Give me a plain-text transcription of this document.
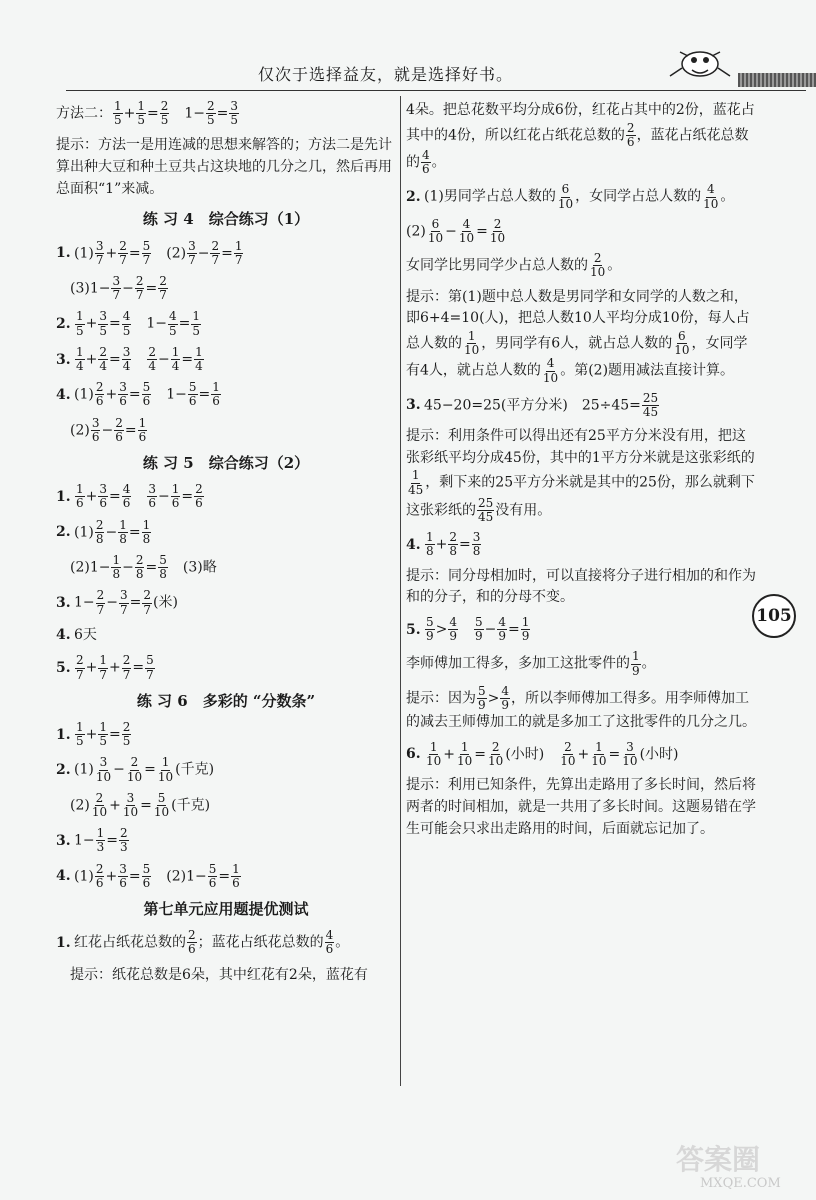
仅次于选择益友，就是选择好书。
方法二： $\frac{1}{5} + \frac{1}{5} = \frac{2}{5}$ 　$1- \frac{2}{5} = \frac{3}{5}$
提示：方法一是用连减的思想来解答的；方法二是先计算出种大豆和种土豆共占这块地的几分之几，然后再用总面积“1”来减。
练 习 4　综合练习（1）
1. $(1) \frac{3}{7} + \frac{2}{7} = \frac{5}{7}$ 　$(2) \frac{3}{7} - \frac{2}{7} = \frac{1}{7}$
　$(3)1- \frac{3}{7} - \frac{2}{7} = \frac{2}{7}$
2. $\frac{1}{5} + \frac{3}{5} = \frac{4}{5}$ 　$1- \frac{4}{5} = \frac{1}{5}$
3. $\frac{1}{4} + \frac{2}{4} = \frac{3}{4}$
　 $\frac{2}{4} - \frac{1}{4} = \frac{1}{4}$
4. $(1) \frac{2}{6} + \frac{3}{6} = \frac{5}{6}$ 　$1- \frac{5}{6} = \frac{1}{6}$
　$(2) \frac{3}{6} - \frac{2}{6} = \frac{1}{6}$
练 习 5　综合练习（2）
1. $\frac{1}{6} + \frac{3}{6} = \frac{4}{6}$
　 $\frac{3}{6} - \frac{1}{6} = \frac{2}{6}$
2. $(1) \frac{2}{8} - \frac{1}{8} = \frac{1}{8}$
　$(2)1- \frac{1}{8} - \frac{2}{8} = \frac{5}{8}$ 　(3)略
3. $1- \frac{2}{7} - \frac{3}{7} = \frac{2}{7}$ (米)
4. 6天
5. $\frac{2}{7} + \frac{1}{7} + \frac{2}{7} = \frac{5}{7}$
练 习 6　多彩的 “分数条”
1. $\frac{1}{5} + \frac{1}{5} = \frac{2}{5}$
2. $(1) \frac{3}{10} - \frac{2}{10} = \frac{1}{10}$ (千克)
　$(2) \frac{2}{10} + \frac{3}{10} = \frac{5}{10}$ (千克)
3. $1- \frac{1}{3} = \frac{2}{3}$
4. $(1) \frac{2}{6} + \frac{3}{6} = \frac{5}{6}$ 　$(2)1- \frac{5}{6} = \frac{1}{6}$
第七单元应用题提优测试
1. 红花占纸花总数的 $\frac{2}{6}$ ；蓝花占纸花总数的 $\frac{4}{6}$ 。
　提示：纸花总数是6朵，其中红花有2朵，蓝花有
4朵。把总花数平均分成6份，红花占其中的2份，蓝花占其中的4份，所以红花占纸花总数的 $\frac{2}{6}$ ，蓝花占纸花总数的 $\frac{4}{6}$ 。
2. (1)男同学占总人数的 $\frac{6}{10}$ ，女同学占总人数的 $\frac{4}{10}$ 。
$(2) \frac{6}{10} - \frac{4}{10} = \frac{2}{10}$
女同学比男同学少占总人数的 $\frac{2}{10}$ 。
提示：第(1)题中总人数是男同学和女同学的人数之和，即6+4=10(人)，把总人数10人平均分成10份，每人占总人数的 $\frac{1}{10}$ ，男同学有6人，就占总人数的 $\frac{6}{10}$ ，女同学有4人，就占总人数的 $\frac{4}{10}$ 。第(2)题用减法直接计算。
3. 45−20=25(平方分米)　$25\div 45= \frac{25}{45}$
提示：利用条件可以得出还有25平方分米没有用，把这张彩纸平均分成45份，其中的1平方分米就是这张彩纸的
$\frac{1}{45}$ ，剩下来的25平方分米就是其中的25份，那么就剩下这张彩纸的 $\frac{25}{45}$ 没有用。
4. $\frac{1}{8} + \frac{2}{8} = \frac{3}{8}$
提示：同分母相加时，可以直接将分子进行相加的和作为和的分子，和的分母不变。
5. $\frac{5}{9} > \frac{4}{9}$
　 $\frac{5}{9} - \frac{4}{9} = \frac{1}{9}$
李师傅加工得多，多加工这批零件的 $\frac{1}{9}$ 。
提示：因为 $\frac{5}{9} > \frac{4}{9}$ ，所以李师傅加工得多。用李师傅加工的减去王师傅加工的就是多加工了这批零件的几分之几。
6. $\frac{1}{10} + \frac{1}{10} = \frac{2}{10}$ (小时)　 $\frac{2}{10} + \frac{1}{10} = \frac{3}{10}$ (小时)
提示：利用已知条件，先算出走路用了多长时间，然后将两者的时间相加，就是一共用了多长时间。这题易错在学生可能会只求出走路用的时间，后面就忘记加了。
105
答案圈
MXQE.COM
